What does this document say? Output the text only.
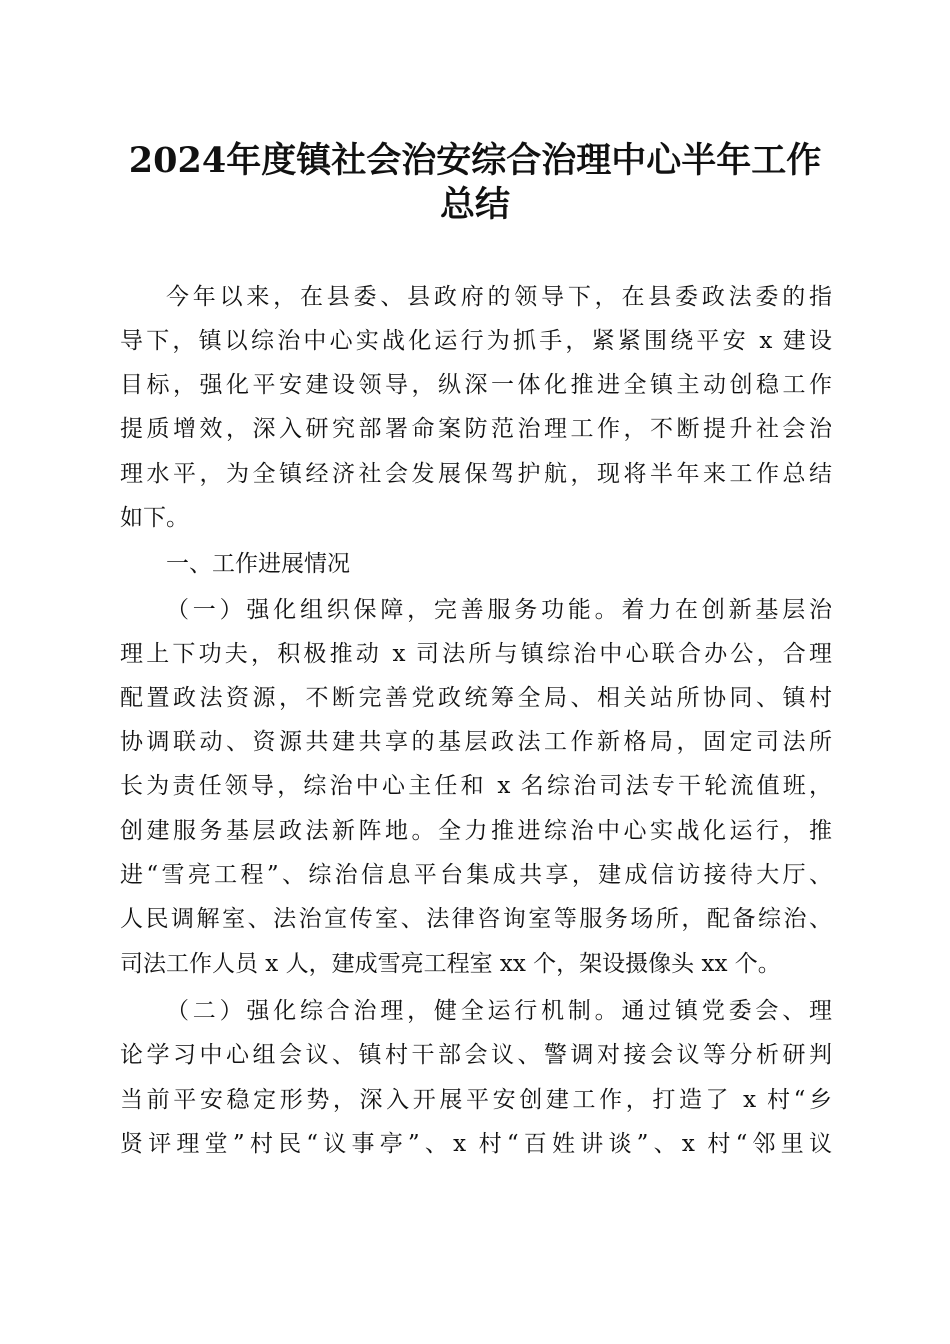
2024年度镇社会治安综合治理中心半年工作
总结

今年以来，在县委、县政府的领导下，在县委政法委的指

导下，镇以综治中心实战化运行为抓手，紧紧围绕平安 x 建设

目标，强化平安建设领导，纵深一体化推进全镇主动创稳工作

提质增效，深入研究部署命案防范治理工作，不断提升社会治

理水平，为全镇经济社会发展保驾护航，现将半年来工作总结

如下。

一、工作进展情况

（一）强化组织保障，完善服务功能。着力在创新基层治

理上下功夫，积极推动 x 司法所与镇综治中心联合办公，合理

配置政法资源，不断完善党政统筹全局、相关站所协同、镇村

协调联动、资源共建共享的基层政法工作新格局，固定司法所

长为责任领导，综治中心主任和 x 名综治司法专干轮流值班，

创建服务基层政法新阵地。全力推进综治中心实战化运行，推

进“雪亮工程”、综治信息平台集成共享，建成信访接待大厅、

人民调解室、法治宣传室、法律咨询室等服务场所，配备综治、

司法工作人员 x 人，建成雪亮工程室 xx 个，架设摄像头 xx 个。

（二）强化综合治理，健全运行机制。通过镇党委会、理

论学习中心组会议、镇村干部会议、警调对接会议等分析研判

当前平安稳定形势，深入开展平安创建工作，打造了 x 村“乡

贤评理堂”村民“议事亭”、x 村“百姓讲谈”、x 村“邻里议
